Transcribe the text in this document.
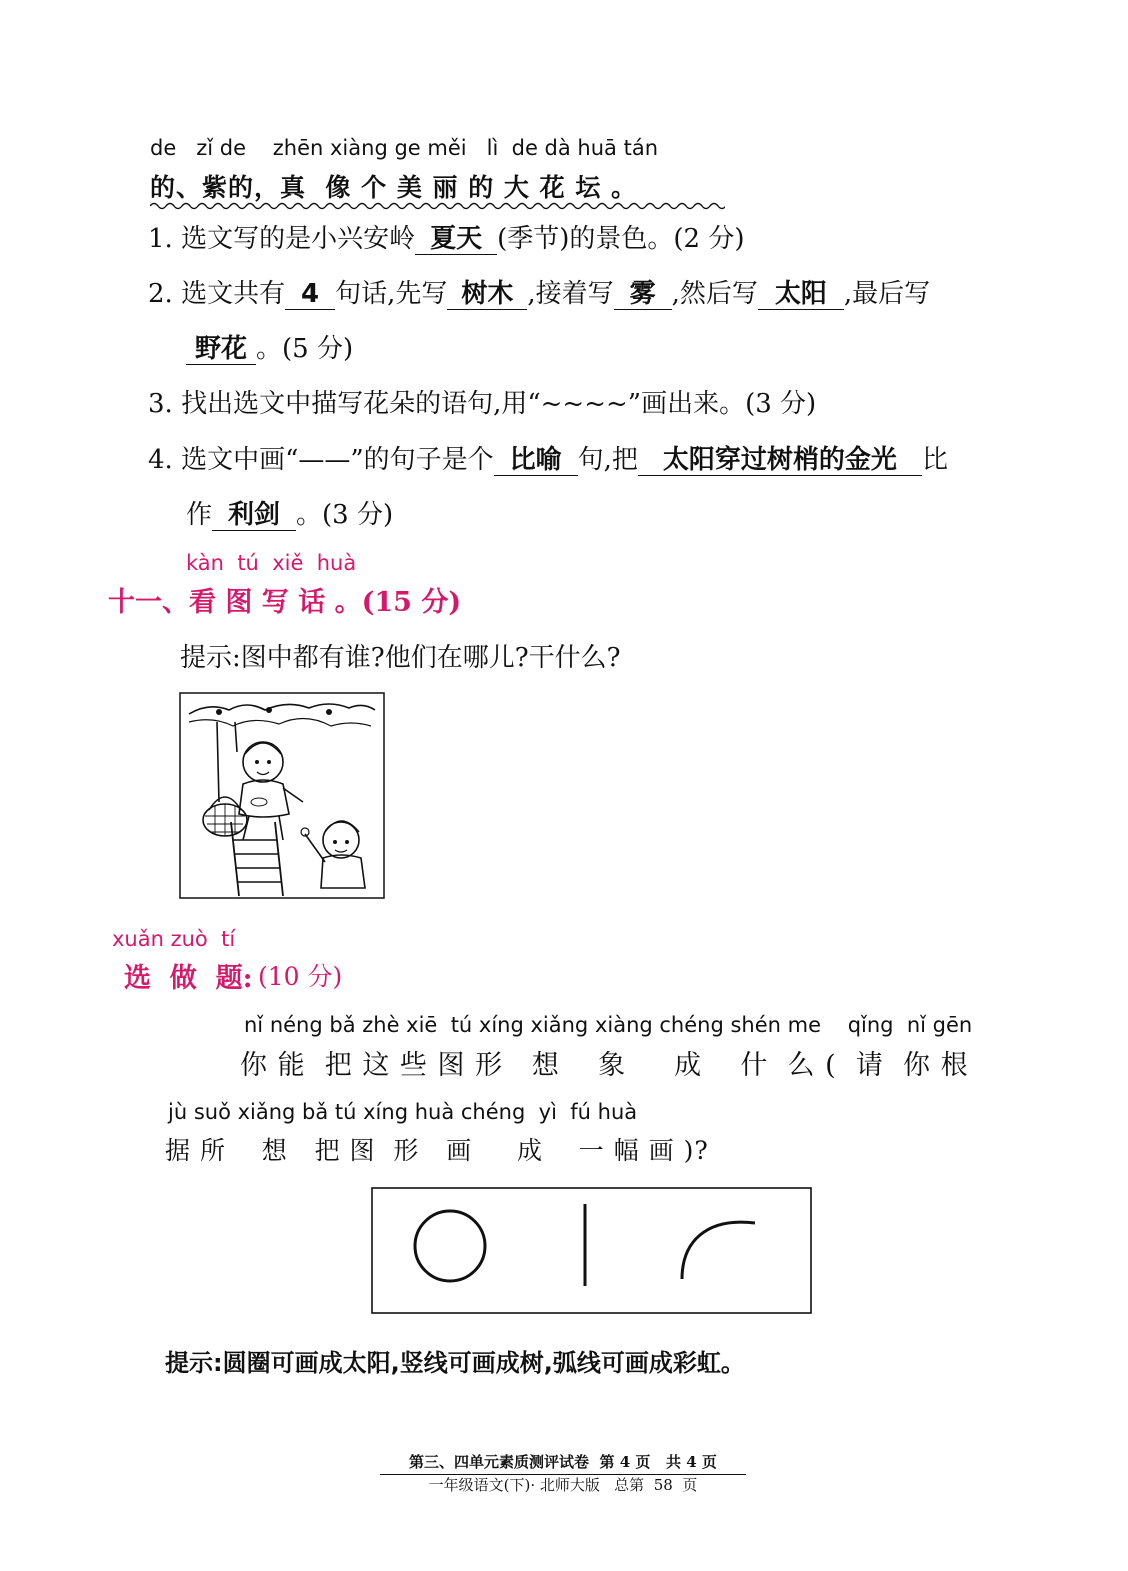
de   zǐ de    zhēn xiàng ge měi   lì  de dà huā tán
的、紫的，真  像 个 美 丽 的 大 花 坛 。
1. 选文写的是小兴安岭 夏天 (季节)的景色。(2 分)
2. 选文共有 4 句话,先写 树木 ,接着写 雾 ,然后写 太阳 ,最后写
野花 。(5 分)
3. 找出选文中描写花朵的语句,用“~~~~”画出来。(3 分)
4. 选文中画“——”的句子是个 比喻 句,把 太阳穿过树梢的金光 比
作 利剑 。(3 分)
kàn  tú  xiě  huà
十一、看 图 写 话 。(15 分)
提示:图中都有谁?他们在哪儿?干什么?
xuǎn zuò  tí
选  做  题: (10 分)
nǐ néng bǎ zhè xiē  tú xíng xiǎng xiàng chéng shén me    qǐng  nǐ gēn
你 能  把 这 些 图 形   想    象     成    什  么 (  请  你 根
jù suǒ xiǎng bǎ tú xíng huà chéng  yì  fú huà
据 所    想   把 图  形   画     成    一 幅 画 )?
提示:圆圈可画成太阳,竖线可画成树,弧线可画成彩虹。
第三、四单元素质测评试卷  第 4 页   共 4 页
一年级语文(下)· 北师大版   总第  58  页
